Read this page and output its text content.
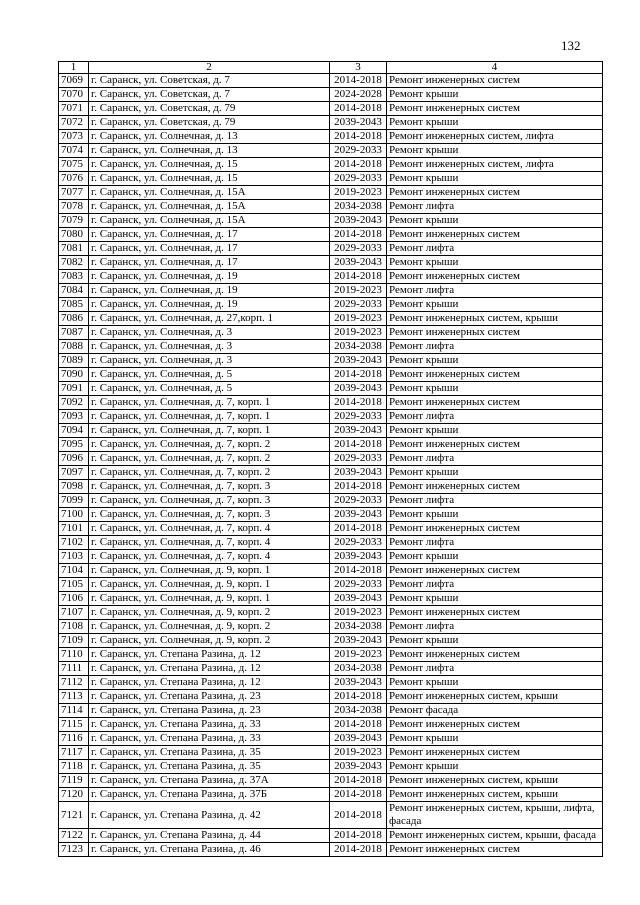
132
1	2	3	4
7069	г. Саранск, ул. Советская, д. 7	2014-2018	Ремонт инженерных систем
7070	г. Саранск, ул. Советская, д. 7	2024-2028	Ремонт крыши
7071	г. Саранск, ул. Советская, д. 79	2014-2018	Ремонт инженерных систем
7072	г. Саранск, ул. Советская, д. 79	2039-2043	Ремонт крыши
7073	г. Саранск, ул. Солнечная, д. 13	2014-2018	Ремонт инженерных систем, лифта
7074	г. Саранск, ул. Солнечная, д. 13	2029-2033	Ремонт крыши
7075	г. Саранск, ул. Солнечная, д. 15	2014-2018	Ремонт инженерных систем, лифта
7076	г. Саранск, ул. Солнечная, д. 15	2029-2033	Ремонт крыши
7077	г. Саранск, ул. Солнечная, д. 15А	2019-2023	Ремонт инженерных систем
7078	г. Саранск, ул. Солнечная, д. 15А	2034-2038	Ремонт лифта
7079	г. Саранск, ул. Солнечная, д. 15А	2039-2043	Ремонт крыши
7080	г. Саранск, ул. Солнечная, д. 17	2014-2018	Ремонт инженерных систем
7081	г. Саранск, ул. Солнечная, д. 17	2029-2033	Ремонт лифта
7082	г. Саранск, ул. Солнечная, д. 17	2039-2043	Ремонт крыши
7083	г. Саранск, ул. Солнечная, д. 19	2014-2018	Ремонт инженерных систем
7084	г. Саранск, ул. Солнечная, д. 19	2019-2023	Ремонт лифта
7085	г. Саранск, ул. Солнечная, д. 19	2029-2033	Ремонт крыши
7086	г. Саранск, ул. Солнечная, д. 27,корп. 1	2019-2023	Ремонт инженерных систем, крыши
7087	г. Саранск, ул. Солнечная, д. 3	2019-2023	Ремонт инженерных систем
7088	г. Саранск, ул. Солнечная, д. 3	2034-2038	Ремонт лифта
7089	г. Саранск, ул. Солнечная, д. 3	2039-2043	Ремонт крыши
7090	г. Саранск, ул. Солнечная, д. 5	2014-2018	Ремонт инженерных систем
7091	г. Саранск, ул. Солнечная, д. 5	2039-2043	Ремонт крыши
7092	г. Саранск, ул. Солнечная, д. 7, корп. 1	2014-2018	Ремонт инженерных систем
7093	г. Саранск, ул. Солнечная, д. 7, корп. 1	2029-2033	Ремонт лифта
7094	г. Саранск, ул. Солнечная, д. 7, корп. 1	2039-2043	Ремонт крыши
7095	г. Саранск, ул. Солнечная, д. 7, корп. 2	2014-2018	Ремонт инженерных систем
7096	г. Саранск, ул. Солнечная, д. 7, корп. 2	2029-2033	Ремонт лифта
7097	г. Саранск, ул. Солнечная, д. 7, корп. 2	2039-2043	Ремонт крыши
7098	г. Саранск, ул. Солнечная, д. 7, корп. 3	2014-2018	Ремонт инженерных систем
7099	г. Саранск, ул. Солнечная, д. 7, корп. 3	2029-2033	Ремонт лифта
7100	г. Саранск, ул. Солнечная, д. 7, корп. 3	2039-2043	Ремонт крыши
7101	г. Саранск, ул. Солнечная, д. 7, корп. 4	2014-2018	Ремонт инженерных систем
7102	г. Саранск, ул. Солнечная, д. 7, корп. 4	2029-2033	Ремонт лифта
7103	г. Саранск, ул. Солнечная, д. 7, корп. 4	2039-2043	Ремонт крыши
7104	г. Саранск, ул. Солнечная, д. 9, корп. 1	2014-2018	Ремонт инженерных систем
7105	г. Саранск, ул. Солнечная, д. 9, корп. 1	2029-2033	Ремонт лифта
7106	г. Саранск, ул. Солнечная, д. 9, корп. 1	2039-2043	Ремонт крыши
7107	г. Саранск, ул. Солнечная, д. 9, корп. 2	2019-2023	Ремонт инженерных систем
7108	г. Саранск, ул. Солнечная, д. 9, корп. 2	2034-2038	Ремонт лифта
7109	г. Саранск, ул. Солнечная, д. 9, корп. 2	2039-2043	Ремонт крыши
7110	г. Саранск, ул. Степана Разина, д. 12	2019-2023	Ремонт инженерных систем
7111	г. Саранск, ул. Степана Разина, д. 12	2034-2038	Ремонт лифта
7112	г. Саранск, ул. Степана Разина, д. 12	2039-2043	Ремонт крыши
7113	г. Саранск, ул. Степана Разина, д. 23	2014-2018	Ремонт инженерных систем, крыши
7114	г. Саранск, ул. Степана Разина, д. 23	2034-2038	Ремонт фасада
7115	г. Саранск, ул. Степана Разина, д. 33	2014-2018	Ремонт инженерных систем
7116	г. Саранск, ул. Степана Разина, д. 33	2039-2043	Ремонт крыши
7117	г. Саранск, ул. Степана Разина, д. 35	2019-2023	Ремонт инженерных систем
7118	г. Саранск, ул. Степана Разина, д. 35	2039-2043	Ремонт крыши
7119	г. Саранск, ул. Степана Разина, д. 37А	2014-2018	Ремонт инженерных систем, крыши
7120	г. Саранск, ул. Степана Разина, д. 37Б	2014-2018	Ремонт инженерных систем, крыши
7121	г. Саранск, ул. Степана Разина, д. 42	2014-2018	Ремонт инженерных систем, крыши, лифта, фасада
7122	г. Саранск, ул. Степана Разина, д. 44	2014-2018	Ремонт инженерных систем, крыши, фасада
7123	г. Саранск, ул. Степана Разина, д. 46	2014-2018	Ремонт инженерных систем
